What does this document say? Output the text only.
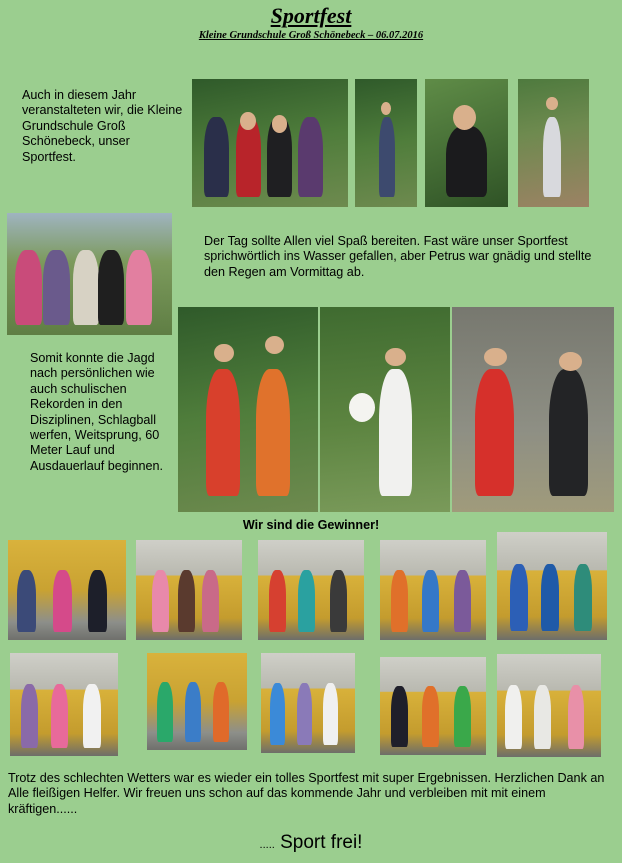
Sportfest
Kleine Grundschule Groß Schönebeck – 06.07.2016
Auch in diesem Jahr veranstalteten wir, die Kleine Grundschule Groß Schönebeck, unser Sportfest.
Der Tag sollte Allen viel Spaß bereiten. Fast wäre unser Sportfest sprichwörtlich ins Wasser gefallen, aber Petrus war gnädig und stellte den Regen am Vormittag ab.
Somit konnte die Jagd nach persönlichen wie auch schulischen Rekorden in den Disziplinen, Schlagball werfen, Weitsprung, 60 Meter Lauf und Ausdauerlauf beginnen.
Wir sind die Gewinner!
Trotz des schlechten Wetters war es wieder ein tolles Sportfest mit super Ergebnissen. Herzlichen Dank an Alle fleißigen Helfer. Wir freuen uns schon auf das kommende Jahr und verbleiben mit mit einem kräftigen......
..... Sport frei!
